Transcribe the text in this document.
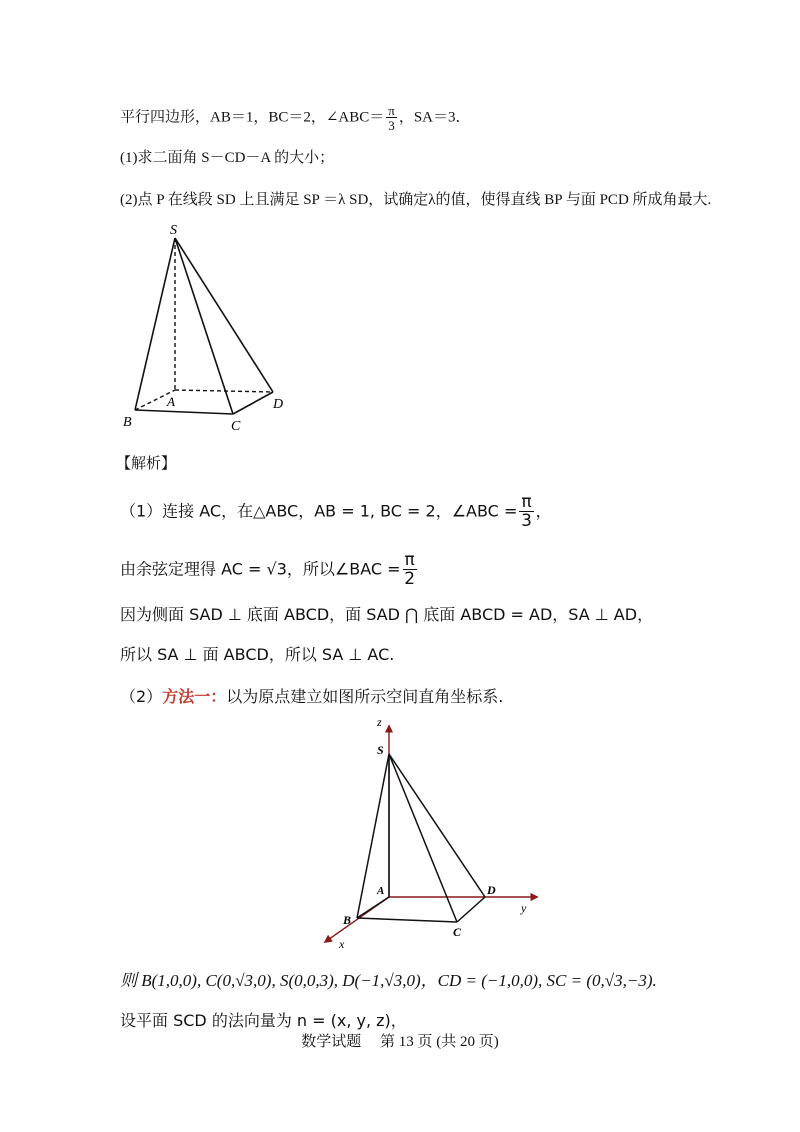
平行四边形，AB＝1，BC＝2，∠ABC＝ $\frac{\pi}{3}$ ，SA＝3．
(1)求二面角 S－CD－A 的大小；
(2)点 P 在线段 SD 上且满足 SP ＝λ SD，试确定λ的值，使得直线 BP 与面 PCD 所成角最大.
S
A
B	C
D
【解析】
（1）连接 AC，在△ABC，AB = 1, BC = 2，∠ABC = $\frac{\pi}{3}$ ，
由余弦定理得 AC = √3，所以∠BAC = $\frac{\pi}{2}$
因为侧面 SAD ⊥ 底面 ABCD，面 SAD ⋂ 底面 ABCD = AD，SA ⊥ AD，
所以 SA ⊥ 面 ABCD，所以 SA ⊥ AC.
（2）方法一：以为原点建立如图所示空间直角坐标系.
z
S
A
B
C
D
x
y
则 B(1,0,0), C(0,√3,0), S(0,0,3), D(−1,√3,0)，CD = (−1,0,0), SC = (0,√3,−3).
设平面 SCD 的法向量为 n = (x, y, z)，
数学试题　 第 13 页 (共 20 页)
